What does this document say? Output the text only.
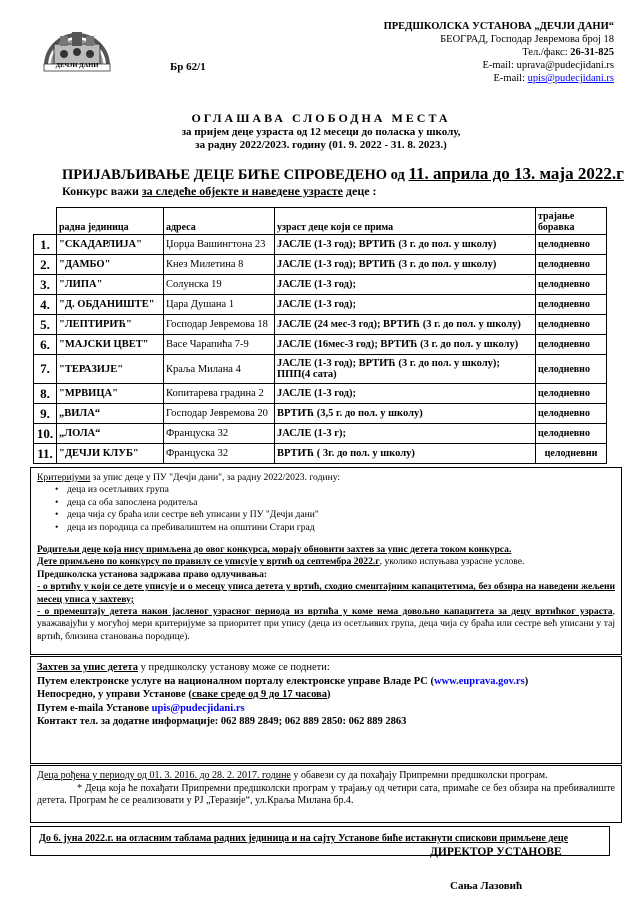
ДЕЧЈИ ДАНИ	Бр 62/1
ПРЕДШКОЛСКА УСТАНОВА „ДЕЧЈИ ДАНИ“
БЕОГРАД, Господар Јевремова број 18
Тел./факс: 26-31-825
E-mail: uprava@pudecjidani.rs
E-mail: upis@pudecjidani.rs
ОГЛАШАВА СЛОБОДНА МЕСТА
за пријем деце узраста од 12 месеци до поласка у школу,
за радну 2022/2023. годину (01. 9. 2022 - 31. 8. 2023.)
ПРИЈАВЉИВАЊЕ ДЕЦЕ БИЋЕ СПРОВЕДЕНО од 11. априла до 13. маја 2022.г
Конкурс важи за следеће објекте и наведене узрасте деце :
	радна јединица	адреса	узраст деце који се прима	трајање боравка
1.	"СКАДАРЛИЈА"	Џорџа Вашингтона 23	ЈАСЛЕ (1-3 год); ВРТИЋ (3 г. до пол. у школу)	целодневно
2.	"ДАМБО"	Кнез Милетина 8	ЈАСЛЕ (1-3 год); ВРТИЋ (3 г. до пол. у школу)	целодневно
3.	"ЛИПА"	Солунска 19	ЈАСЛЕ (1-3 год);	целодневно
4.	"Д. ОБДАНИШТЕ"	Цара Душана 1	ЈАСЛЕ (1-3 год);	целодневно
5.	"ЛЕПТИРИЋ"	Господар Јевремова 18	ЈАСЛЕ (24 мес-3 год); ВРТИЋ (3 г. до пол. у школу)	целодневно
6.	"МАЈСКИ ЦВЕТ"	Васе Чарапића 7-9	ЈАСЛЕ (16мес-3 год); ВРТИЋ (3 г. до пол. у школу)	целодневно
7.	"ТЕРАЗИЈЕ"	Краља Милана 4	ЈАСЛЕ (1-3 год); ВРТИЋ (3 г. до пол. у школу);
ППП(4 сата)	целодневно
8.	"МРВИЦА"	Копитарева градина 2	ЈАСЛЕ (1-3 год);	целодневно
9.	„ВИЛА“	Господар Јевремова 20	ВРТИЋ (3,5 г. до пол. у школу)	целодневно
10.	„ЛОЛА“	Француска 32	ЈАСЛЕ (1-3 г);	целодневно
11.	"ДЕЧЈИ КЛУБ"	Француска 32	ВРТИЋ ( 3г. до пол. у школу)	целодневни

Критеријуми за упис деце у ПУ "Дечји дани", за радну 2022/2023. годину:

• деца из осетљивих група
• деца са оба запослена родитеља
• деца чија су браћа или сестре већ уписани у ПУ "Дечји дани"
• деца из породица са пребивалиштем на општини Стари град

Родитељи деце која нису примљена до овог конкурса, морају обновити захтев за упис детета током конкурса.

Дете примљено по конкурсу по правилу се уписује у вртић од септембра 2022.г, уколико испуњава узрасне услове.

Предшколска установа задржава право одлучивања:

- о вртићу у који се дете уписује и о месецу уписа детета у вртић, сходно смештајним капацитетима, без обзира на наведени жељени месец уписа у захтеву;

- о премештају детета након јасленог узрасног периода из вртића у коме нема довољно капацитета за децу вртићког узраста, уважавајући у могућој мери критеријуме за приоритет при упису (деца из осетљивих група, деца чија су браћа или сестре већ уписани у тај вртић, близина становања породице).

Захтев за упис детета у предшколску установу може се поднети:
Путем електронске услуге на националном порталу електронске управе Владе РС (www.euprava.gov.rs)
Непосредно, у управи Установе (сваке среде од 9 до 17 часова)
Путем e-maila Установе upis@pudecjidani.rs
Контакт тел. за додатне информације: 062 889 2849; 062 889 2850: 062 889 2863
Деца рођена у периоду од 01. 3. 2016. до 28. 2. 2017. године у обавези су да похађају Припремни предшколски програм.
* Деца која ће похађати Припремни предшколски програм у трајању од четири сата, примаће се без обзира на пребивалиште детета. Програм ће се реализовати у РЈ „Теразије“, ул.Краља Милана бр.4.
До 6. јуна 2022.г. на огласним таблама радних јединица и на сајту Установе биће истакнути спискови примљене деце
ДИРЕКТОР УСТАНОВЕ
Сања Лазовић
